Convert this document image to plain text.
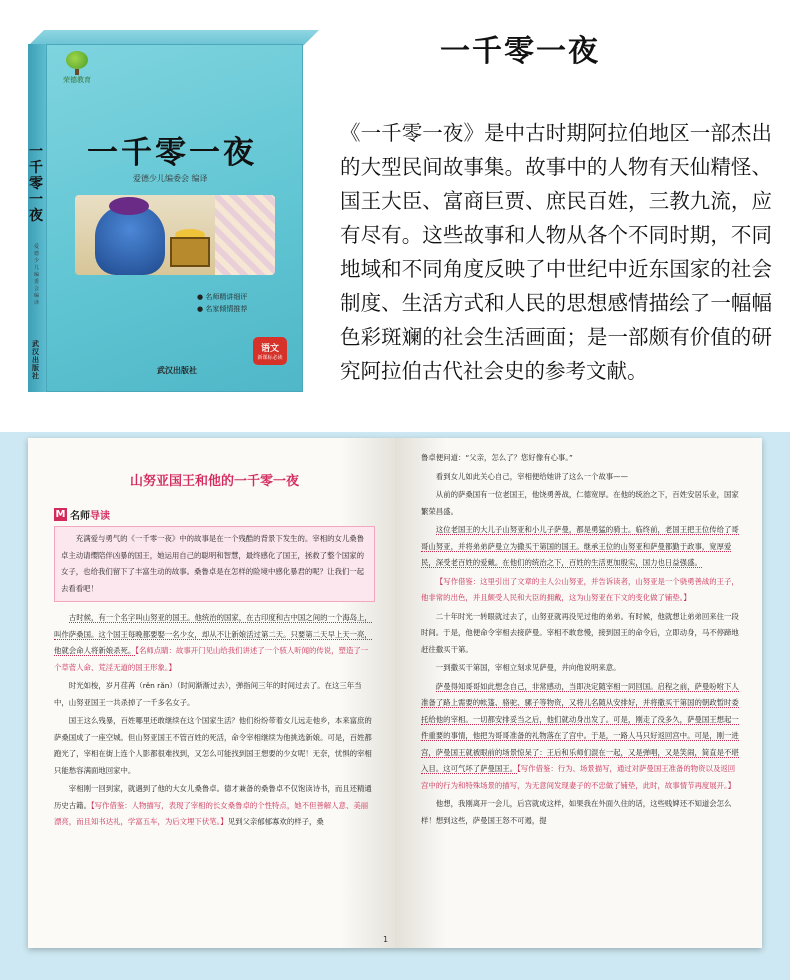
一千零一夜
爱德少儿编委会 编译
荣德教育
一千零一夜
爱德少儿编委会 编译
● 名师精讲细评
● 名家倾情推荐
语文
新课标必读
武汉出版社
武汉出版社
一千零一夜
《一千零一夜》是中古时期阿拉伯地区一部杰出的大型民间故事集。故事中的人物有天仙精怪、国王大臣、富商巨贾、庶民百姓，三教九流，应有尽有。这些故事和人物从各个不同时期，不同地域和不同角度反映了中世纪中近东国家的社会制度、生活方式和人民的思想感情描绘了一幅幅色彩斑斓的社会生活画面；是一部颇有价值的研究阿拉伯古代社会史的参考文献。
山努亚国王和他的一千零一夜
M 名师导读
充满爱与勇气的《一千零一夜》中的故事是在一个残酷的背景下发生的。宰相的女儿桑鲁卓主动请缨陪伴凶暴的国王，她运用自己的聪明和智慧，最终感化了国王，拯救了整个国家的女子，也给我们留下了丰富生动的故事。桑鲁卓是在怎样的险境中感化暴君的呢？让我们一起去看看吧！
古时候，有一个名字叫山努亚的国王。他统治的国家，在古印度和古中国之间的一个海岛上，叫作萨桑国。这个国王每晚都要娶一名少女，却从不让新娘活过第二天。只要第二天早上天一亮，他就会命人将新娘杀死。【名师点睛：故事开门见山给我们讲述了一个骇人听闻的传说，塑造了一个草菅人命、荒淫无道的国王形象。】
时光如梭，岁月荏苒（rěn rǎn）（时间渐渐过去），弹指间三年的时间过去了。在这三年当中，山努亚国王一共杀掉了一千多名女子。
国王这么残暴，百姓哪里还敢继续在这个国家生活？他们纷纷带着女儿远走他乡，本来富庶的萨桑国成了一座空城。但山努亚国王不管百姓的死活，命令宰相继续为他挑选新娘。可是，百姓都跑光了，宰相在街上连个人影都很难找到，又怎么可能找到国王想要的少女呢！无奈，忧惧的宰相只能愁容满面地回家中。
宰相刚一回到家，就遇到了他的大女儿桑鲁卓。德才兼备的桑鲁卓不仅饱读诗书，而且还精通历史古籍。【写作借鉴：人物描写，表现了宰相的长女桑鲁卓的个性特点，她不但善解人意、美丽漂亮，而且知书达礼，学富五车，为后文埋下伏笔。】见到父亲郁郁寡欢的样子，桑
1
鲁卓便问道：“父亲，怎么了？您好像有心事。”
看到女儿如此关心自己，宰相便给她讲了这么一个故事——
从前的萨桑国有一位老国王，他饶勇善战，仁德宽厚。在他的统治之下，百姓安居乐业，国家繁荣昌盛。
这位老国王的大儿子山努亚和小儿子萨曼，都是勇猛的骑士。临终前，老国王把王位传给了哥哥山努亚，并将弟弟萨曼立为撒买干第国的国王。继承王位的山努亚和萨曼都勤于政事，宽厚爱民，深受老百姓的爱戴。在他们的统治之下，百姓的生活更加殷实，国力也日益强盛。
【写作借鉴：这里引出了文章的主人公山努亚，并告诉读者，山努亚是一个骁勇善战的王子，他非常的出色，并且颇受人民和大臣的拥戴，这为山努亚在下文的变化做了铺垫。】
二十年时光一转眼就过去了，山努亚就再没见过他的弟弟。有时候，他就想让弟弟回来住一段时间。于是，他便命令宰相去接萨曼。宰相不敢怠慢，接到国王的命令后，立即动身，马不停蹄地赶往撒买干第。
一到撒买干第国，宰相立刻求见萨曼，并向他说明来意。
萨曼得知哥哥如此想念自己，非常感动，当即决定随宰相一同回国。启程之前，萨曼吩咐下人准备了路上需要的帐篷、骆驼、骡子等物资，又将儿名随从安排好，并将撒买干第国的朝政暂时委托给他的宰相。一切都安排妥当之后，他们就动身出发了。可是，刚走了没多久，萨曼国王想起一件重要的事情，他把为哥哥准备的礼物落在了宫中。于是，一路人马只好返回宫中。可是，刚一进宫，萨曼国王就被眼前的场景惊呆了：王后和乐师们混在一起，又是弹唱，又是笑闹，简直是不堪入目。这可气坏了萨曼国王。【写作借鉴：行为、场景描写，通过对萨曼国王准备的物资以及返回宫中的行为和特殊场景的描写，为无意间发现妻子的不忠做了铺垫，此时，故事情节再度展开。】
他想，我刚离开一会儿，后宫就成这样，如果我在外面久住的话，这些贱婢还不知道会怎么样！想到这些，萨曼国王怒不可遏，提
